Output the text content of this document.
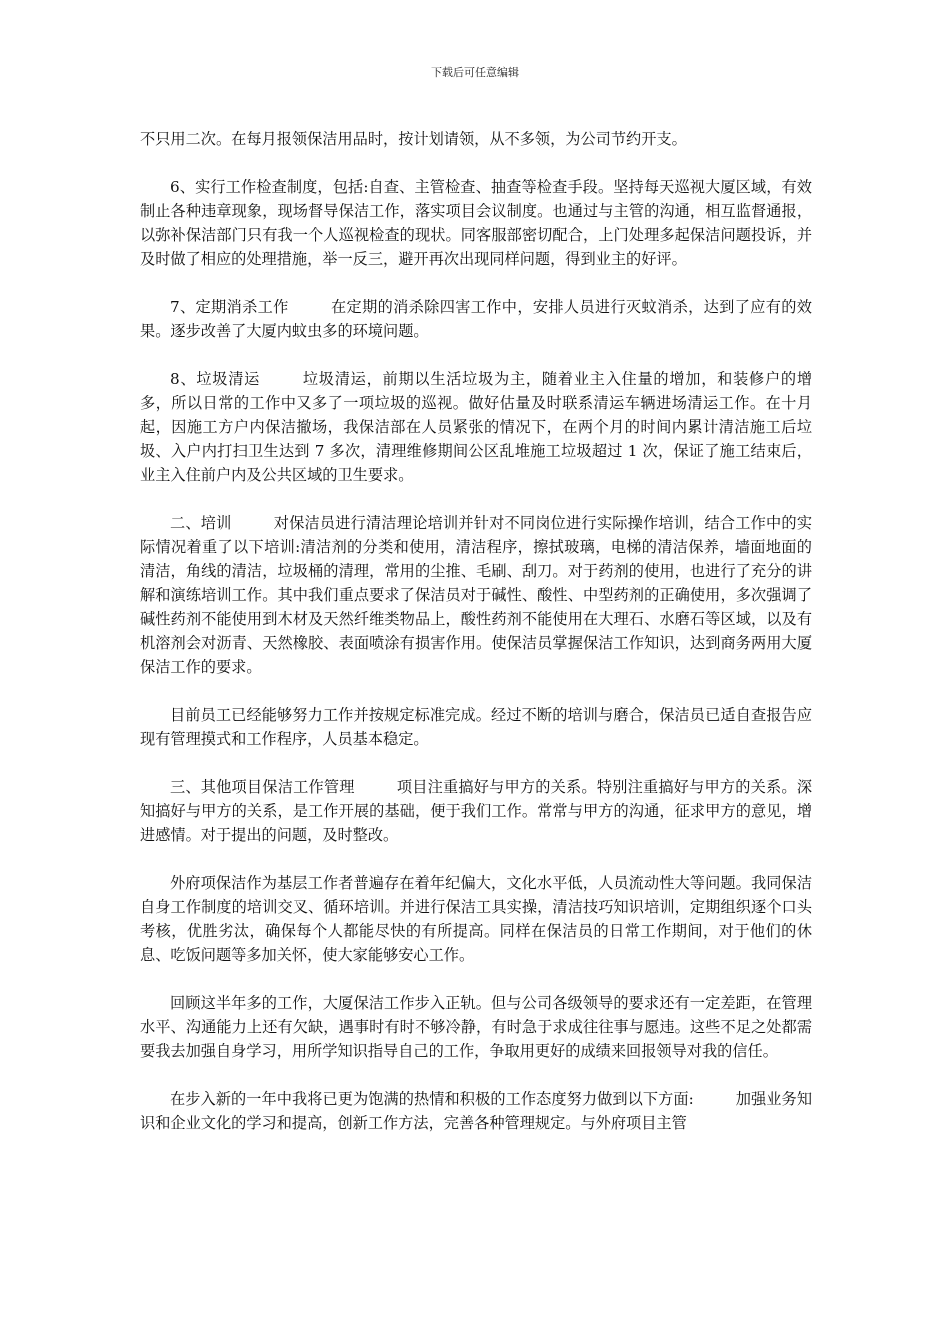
下载后可任意编辑

不只用二次。在每月报领保洁用品时，按计划请领，从不多领，为公司节约开支。

6、实行工作检查制度，包括:自查、主管检查、抽查等检查手段。坚持每天巡视大厦区域，有效制止各种违章现象，现场督导保洁工作，落实项目会议制度。也通过与主管的沟通，相互监督通报，以弥补保洁部门只有我一个人巡视检查的现状。同客服部密切配合，上门处理多起保洁问题投诉，并及时做了相应的处理措施，举一反三，避开再次出现同样问题，得到业主的好评。

7、定期消杀工作	在定期的消杀除四害工作中，安排人员进行灭蚊消杀，达到了应有的效果。逐步改善了大厦内蚊虫多的环境问题。

8、垃圾清运	垃圾清运，前期以生活垃圾为主，随着业主入住量的增加，和装修户的增多，所以日常的工作中又多了一项垃圾的巡视。做好估量及时联系清运车辆进场清运工作。在十月起，因施工方户内保洁撤场，我保洁部在人员紧张的情况下，在两个月的时间内累计清洁施工后垃圾、入户内打扫卫生达到 7 多次，清理维修期间公区乱堆施工垃圾超过 1 次，保证了施工结束后，业主入住前户内及公共区域的卫生要求。

二、培训	对保洁员进行清洁理论培训并针对不同岗位进行实际操作培训，结合工作中的实际情况着重了以下培训:清洁剂的分类和使用，清洁程序，擦拭玻璃，电梯的清洁保养，墙面地面的清洁，角线的清洁，垃圾桶的清理，常用的尘推、毛刷、刮刀。对于药剂的使用，也进行了充分的讲解和演练培训工作。其中我们重点要求了保洁员对于碱性、酸性、中型药剂的正确使用，多次强调了碱性药剂不能使用到木材及天然纤维类物品上，酸性药剂不能使用在大理石、水磨石等区域，以及有机溶剂会对沥青、天然橡胶、表面喷涂有损害作用。使保洁员掌握保洁工作知识，达到商务两用大厦保洁工作的要求。

目前员工已经能够努力工作并按规定标准完成。经过不断的培训与磨合，保洁员已适自查报告应现有管理摸式和工作程序，人员基本稳定。

三、其他项目保洁工作管理	项目注重搞好与甲方的关系。特别注重搞好与甲方的关系。深知搞好与甲方的关系，是工作开展的基础，便于我们工作。常常与甲方的沟通，征求甲方的意见，增进感情。对于提出的问题，及时整改。

外府项保洁作为基层工作者普遍存在着年纪偏大，文化水平低，人员流动性大等问题。我同保洁自身工作制度的培训交叉、循环培训。并进行保洁工具实操，清洁技巧知识培训，定期组织逐个口头考核，优胜劣汰，确保每个人都能尽快的有所提高。同样在保洁员的日常工作期间，对于他们的休息、吃饭问题等多加关怀，使大家能够安心工作。

回顾这半年多的工作，大厦保洁工作步入正轨。但与公司各级领导的要求还有一定差距，在管理水平、沟通能力上还有欠缺，遇事时有时不够冷静，有时急于求成往往事与愿违。这些不足之处都需要我去加强自身学习，用所学知识指导自己的工作，争取用更好的成绩来回报领导对我的信任。

在步入新的一年中我将已更为饱满的热情和积极的工作态度努力做到以下方面:	加强业务知识和企业文化的学习和提高，创新工作方法，完善各种管理规定。与外府项目主管
